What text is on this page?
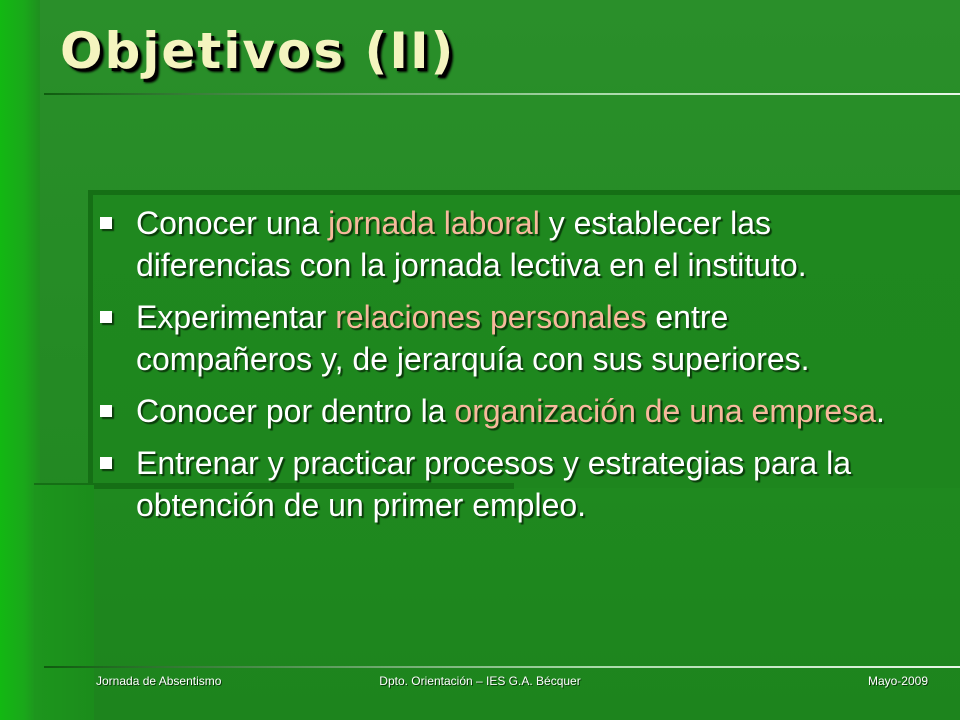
Objetivos (II)
Conocer una jornada laboral y establecer las diferencias con la jornada lectiva en el instituto.
Experimentar relaciones personales entre compañeros y, de jerarquía con sus superiores.
Conocer por dentro la organización de una empresa.
Entrenar y practicar procesos y estrategias para la obtención de un primer empleo.
Jornada de Absentismo	Dpto. Orientación – IES G.A. Bécquer	Mayo-2009
